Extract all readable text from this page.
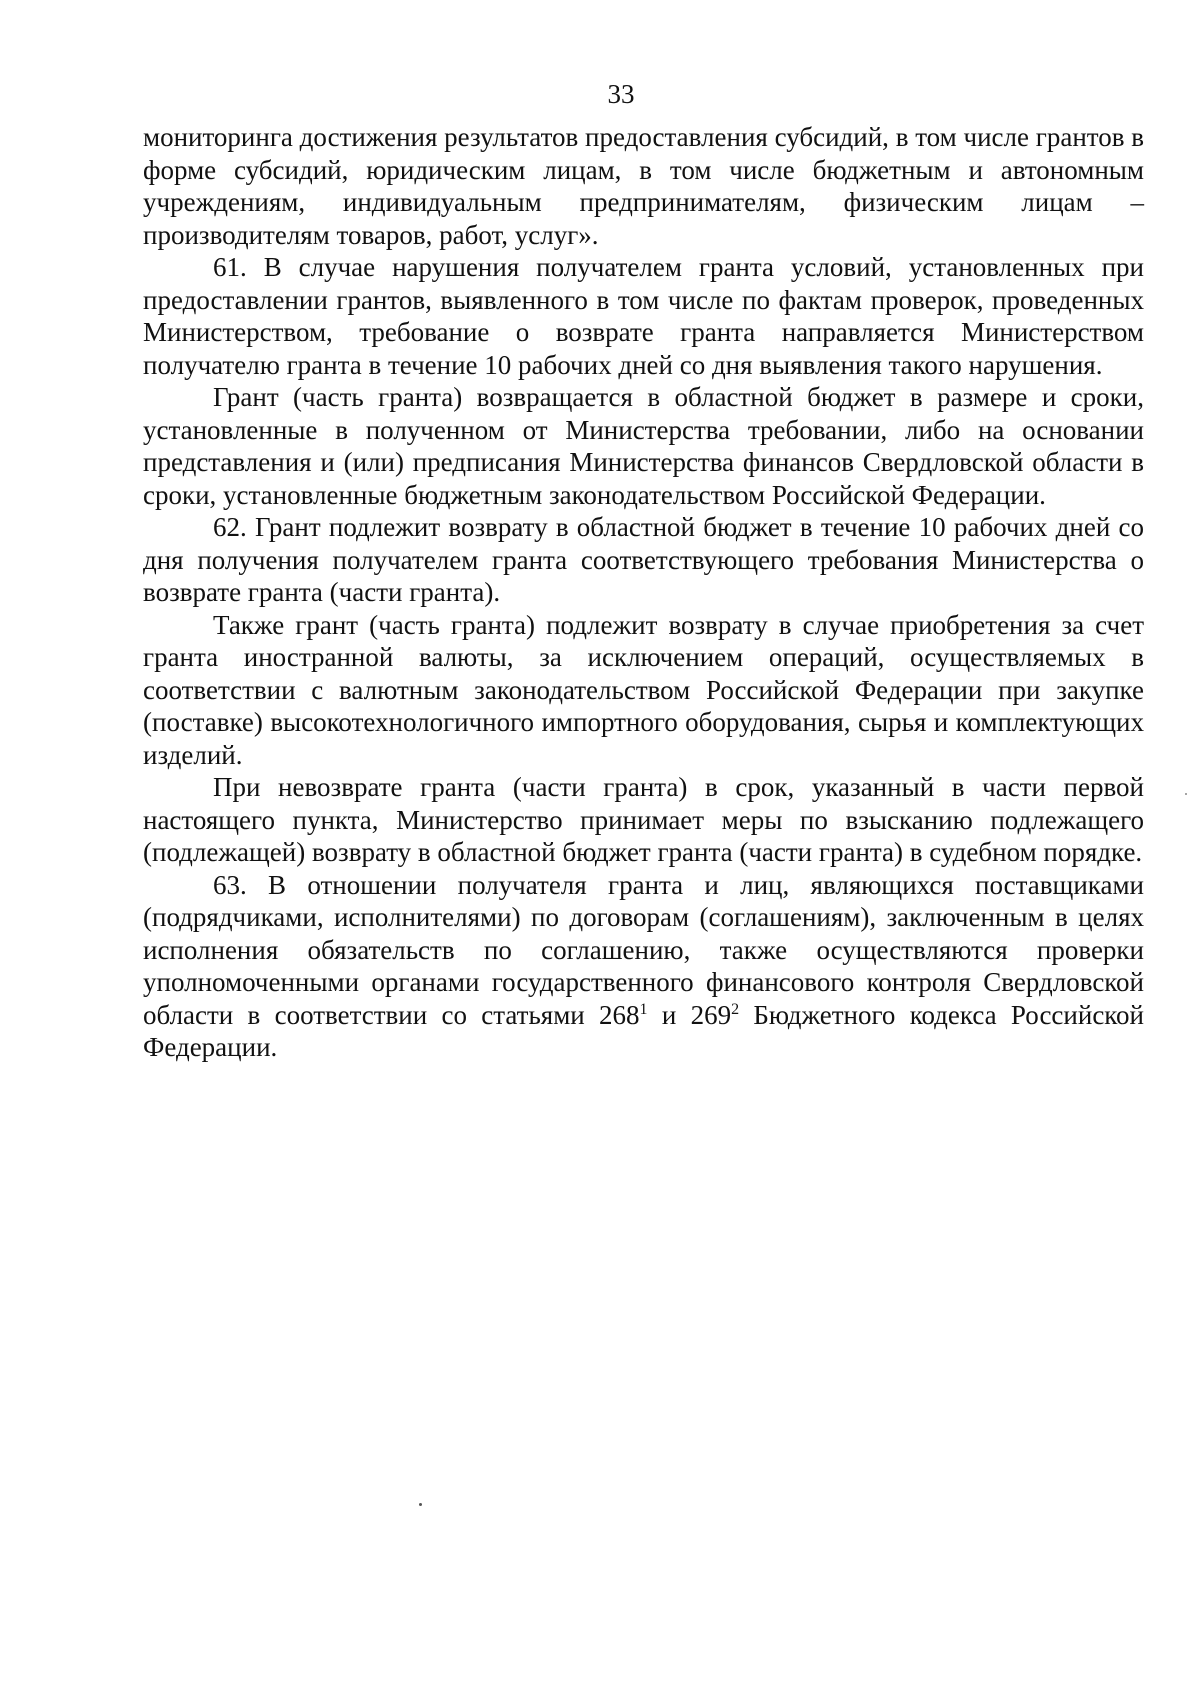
33

мониторинга достижения результатов предоставления субсидий, в том числе грантов в форме субсидий, юридическим лицам, в том числе бюджетным и автономным учреждениям, индивидуальным предпринимателям, физическим лицам – производителям товаров, работ, услуг».

61. В случае нарушения получателем гранта условий, установленных при предоставлении грантов, выявленного в том числе по фактам проверок, проведенных Министерством, требование о возврате гранта направляется Министерством получателю гранта в течение 10 рабочих дней со дня выявления такого нарушения.

Грант (часть гранта) возвращается в областной бюджет в размере и сроки, установленные в полученном от Министерства требовании, либо на основании представления и (или) предписания Министерства финансов Свердловской области в сроки, установленные бюджетным законодательством Российской Федерации.

62. Грант подлежит возврату в областной бюджет в течение 10 рабочих дней со дня получения получателем гранта соответствующего требования Министерства о возврате гранта (части гранта).

Также грант (часть гранта) подлежит возврату в случае приобретения за счет гранта иностранной валюты, за исключением операций, осуществляемых в соответствии с валютным законодательством Российской Федерации при закупке (поставке) высокотехнологичного импортного оборудования, сырья и комплектующих изделий.

При невозврате гранта (части гранта) в срок, указанный в части первой настоящего пункта, Министерство принимает меры по взысканию подлежащего (подлежащей) возврату в областной бюджет гранта (части гранта) в судебном порядке.

63. В отношении получателя гранта и лиц, являющихся поставщиками (подрядчиками, исполнителями) по договорам (соглашениям), заключенным в целях исполнения обязательств по соглашению, также осуществляются проверки уполномоченными органами государственного финансового контроля Свердловской области в соответствии со статьями $268^1$ и $269^2$ Бюджетного кодекса Российской Федерации.
